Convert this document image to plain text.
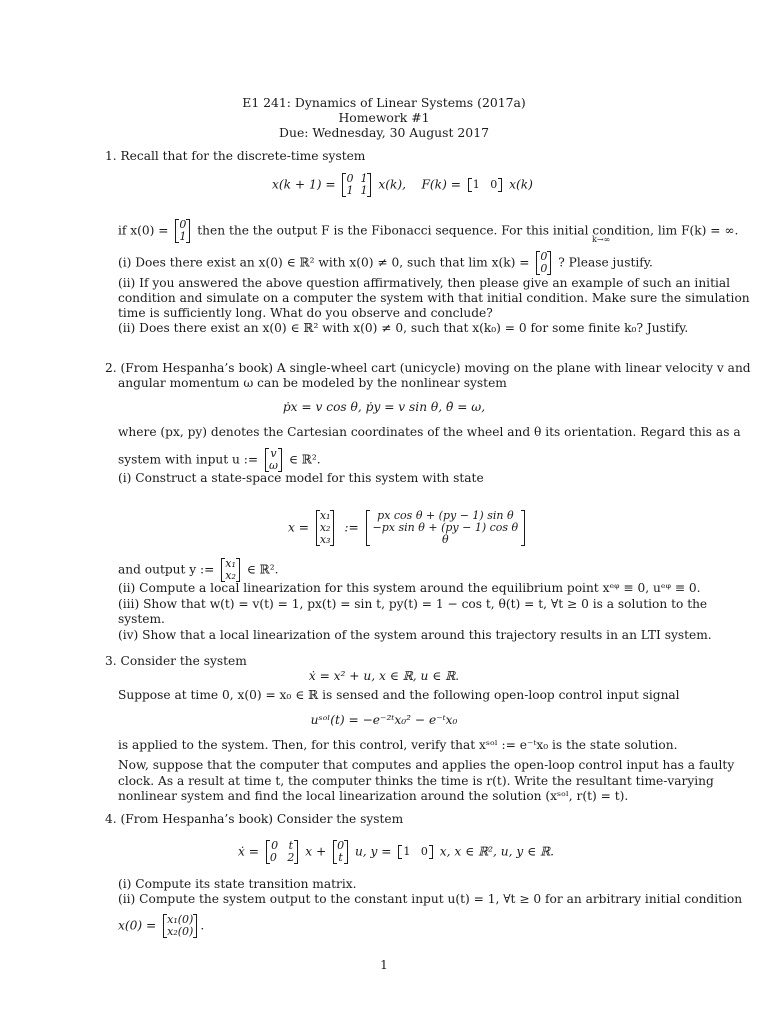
E1 241: Dynamics of Linear Systems (2017a)
Homework #1
Due: Wednesday, 30 August 2017
1. Recall that for the discrete-time system
x(k + 1) = 0  1
1  1 x(k),    F(k) = 1   0 x(k)
if x(0) = 0
1 then the the output F is the Fibonacci sequence. For this initial condition, lim F(k) = ∞.
k→∞
(i) Does there exist an x(0) ∈ ℝ² with x(0) ≠ 0, such that lim x(k) = 0
0 ? Please justify.
(ii) If you answered the above question affirmatively, then please give an example of such an initial
condition and simulate on a computer the system with that initial condition. Make sure the simulation
time is sufficiently long. What do you observe and conclude?
(ii) Does there exist an x(0) ∈ ℝ² with x(0) ≠ 0, such that x(k₀) = 0 for some finite k₀? Justify.
2. (From Hespanha’s book) A single-wheel cart (unicycle) moving on the plane with linear velocity v and
angular momentum ω can be modeled by the nonlinear system
ṗx = v cos θ, ṗy = v sin θ, θ̇ = ω,
where (px, py) denotes the Cartesian coordinates of the wheel and θ its orientation. Regard this as a
system with input u := v
ω ∈ ℝ².
(i) Construct a state-space model for this system with state
x =
x₁
x₂
x₃
:=
px cos θ + (py − 1) sin θ
−px sin θ + (py − 1) cos θ
θ
and output y := x₁
x₂ ∈ ℝ².
(ii) Compute a local linearization for this system around the equilibrium point xᵉᵠ ≡ 0, uᵉᵠ ≡ 0.
(iii) Show that w(t) = v(t) = 1, px(t) = sin t, py(t) = 1 − cos t, θ(t) = t, ∀t ≥ 0 is a solution to the
system.
(iv) Show that a local linearization of the system around this trajectory results in an LTI system.
3. Consider the system
ẋ = x² + u, x ∈ ℝ, u ∈ ℝ.
Suppose at time 0, x(0) = x₀ ∈ ℝ is sensed and the following open-loop control input signal
uˢᵒˡ(t) = −e⁻²ᵗx₀² − e⁻ᵗx₀
is applied to the system. Then, for this control, verify that xˢᵒˡ := e⁻ᵗx₀ is the state solution.
Now, suppose that the computer that computes and applies the open-loop control input has a faulty
clock. As a result at time t, the computer thinks the time is r(t). Write the resultant time-varying
nonlinear system and find the local linearization around the solution (xˢᵒˡ, r(t) = t).
4. (From Hespanha’s book) Consider the system
ẋ = 0   t
0   2 x + 0
t u, y = 1   0 x, x ∈ ℝ², u, y ∈ ℝ.
(i) Compute its state transition matrix.
(ii) Compute the system output to the constant input u(t) = 1, ∀t ≥ 0 for an arbitrary initial condition
x(0) = x₁(0)
x₂(0) .
1
